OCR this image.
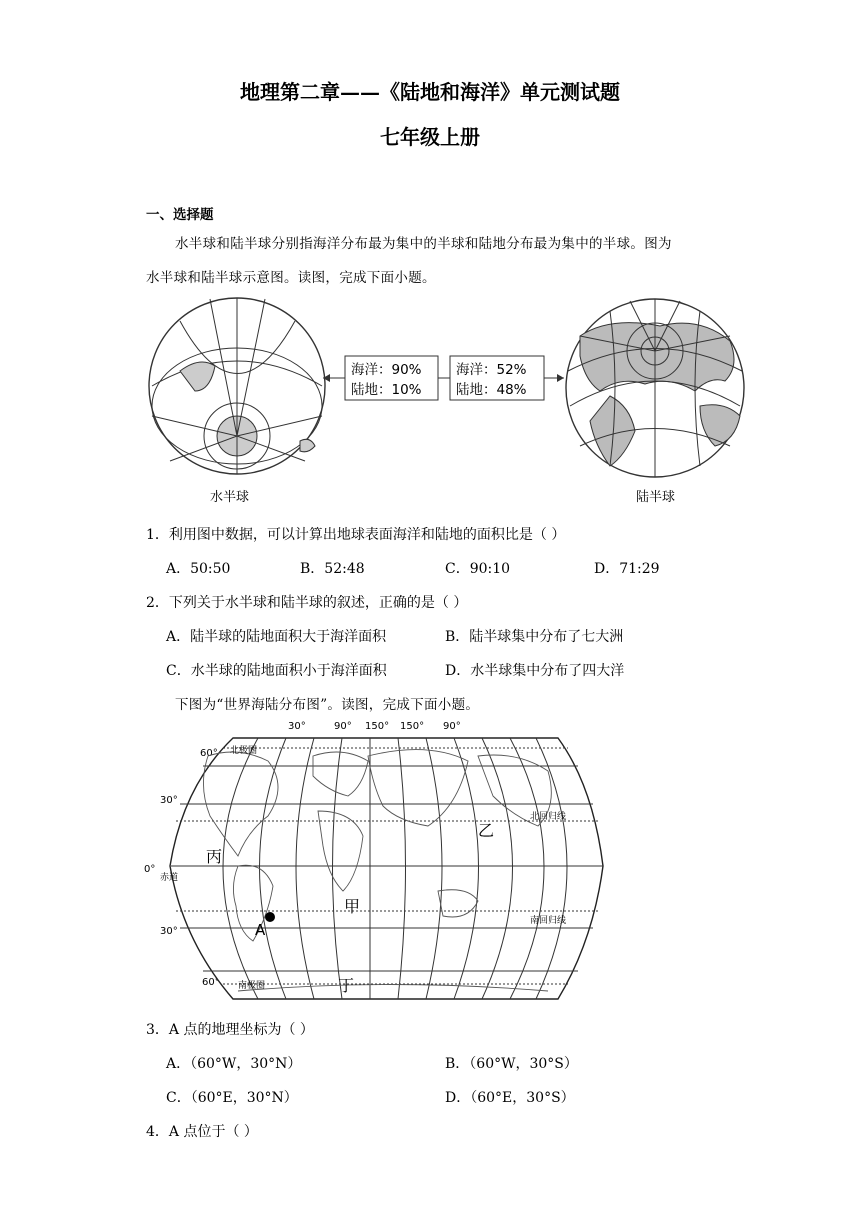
地理第二章——《陆地和海洋》单元测试题
七年级上册
一、选择题
水半球和陆半球分别指海洋分布最为集中的半球和陆地分布最为集中的半球。图为
水半球和陆半球示意图。读图，完成下面小题。
水半球
海洋：90%
陆地：10%
海洋：52%
陆地：48%
陆半球
1．利用图中数据，可以计算出地球表面海洋和陆地的面积比是（ ）
A．50:50	B．52:48	C．90:10	D．71:29
2．下列关于水半球和陆半球的叙述，正确的是（ ）
A．陆半球的陆地面积大于海洋面积	B．陆半球集中分布了七大洲
C．水半球的陆地面积小于海洋面积	D．水半球集中分布了四大洋
下图为“世界海陆分布图”。读图，完成下面小题。
30°	90° 150° 150° 90°
60°
30°
0°
30°
60°
北极圈
北回归线
赤道
南回归线
南极圈
乙
丙
甲
丁
A
3．A 点的地理坐标为（ ）
A．（60°W，30°N）	B．（60°W，30°S）
C．（60°E，30°N）	D．（60°E，30°S）
4．A 点位于（ ）
